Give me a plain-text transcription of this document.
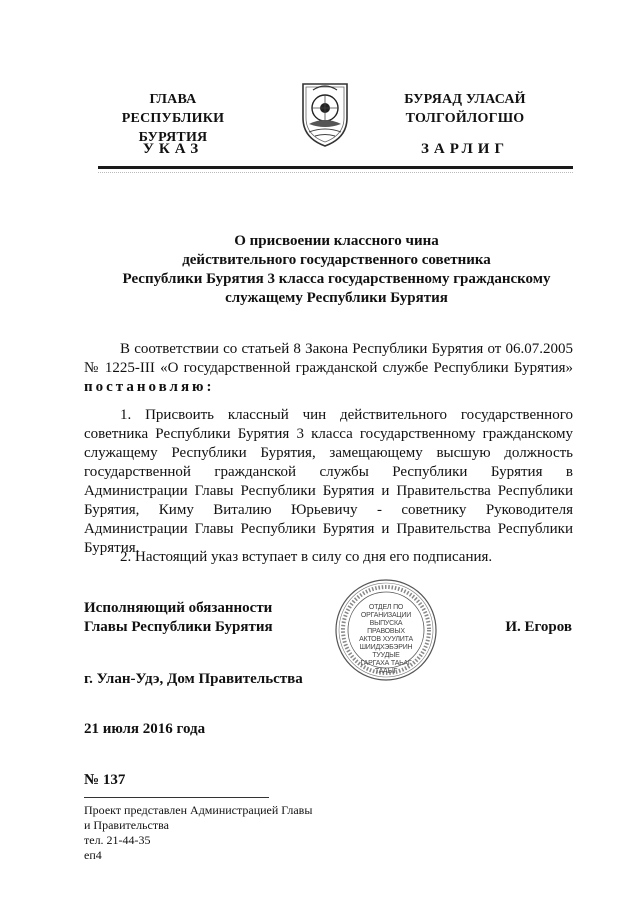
ГЛАВА
РЕСПУБЛИКИ БУРЯТИЯ
УКАЗ
БУРЯАД УЛАСАЙ
ТОЛГОЙЛОГШО
ЗАРЛИГ
О присвоении классного чина
действительного государственного советника
Республики Бурятия 3 класса государственному гражданскому
служащему Республики Бурятия

В соответствии со статьей 8 Закона Республики Бурятия от 06.07.2005 № 1225-III «О государственной гражданской службе Республики Бурятия» постановляю:

1. Присвоить классный чин действительного государственного советника Республики Бурятия 3 класса государственному гражданскому служащему Республики Бурятия, замещающему высшую должность государственной гражданской службы Республики Бурятия в Администрации Главы Республики Бурятия и Правительства Республики Бурятия, Киму Виталию Юрьевичу - советнику Руководителя Администрации Главы Республики Бурятия и Правительства Республики Бурятия.

2. Настоящий указ вступает в силу со дня его подписания.

Исполняющий обязанности
Главы Республики Бурятия
ОТДЕЛ ПО ОРГАНИЗАЦИИ ВЫПУСКА ПРАВОВЫХ АКТОВ ХУУЛИТА ШИИДХЭБЭРИНТУУДЫЕ ГАРГАХА ТАЬАГ ТААЫГ
И. Егоров
г. Улан-Удэ, Дом Правительства
21 июля 2016 года
№ 137
Проект представлен Администрацией Главы
и Правительства
тел. 21-44-35
еп4
